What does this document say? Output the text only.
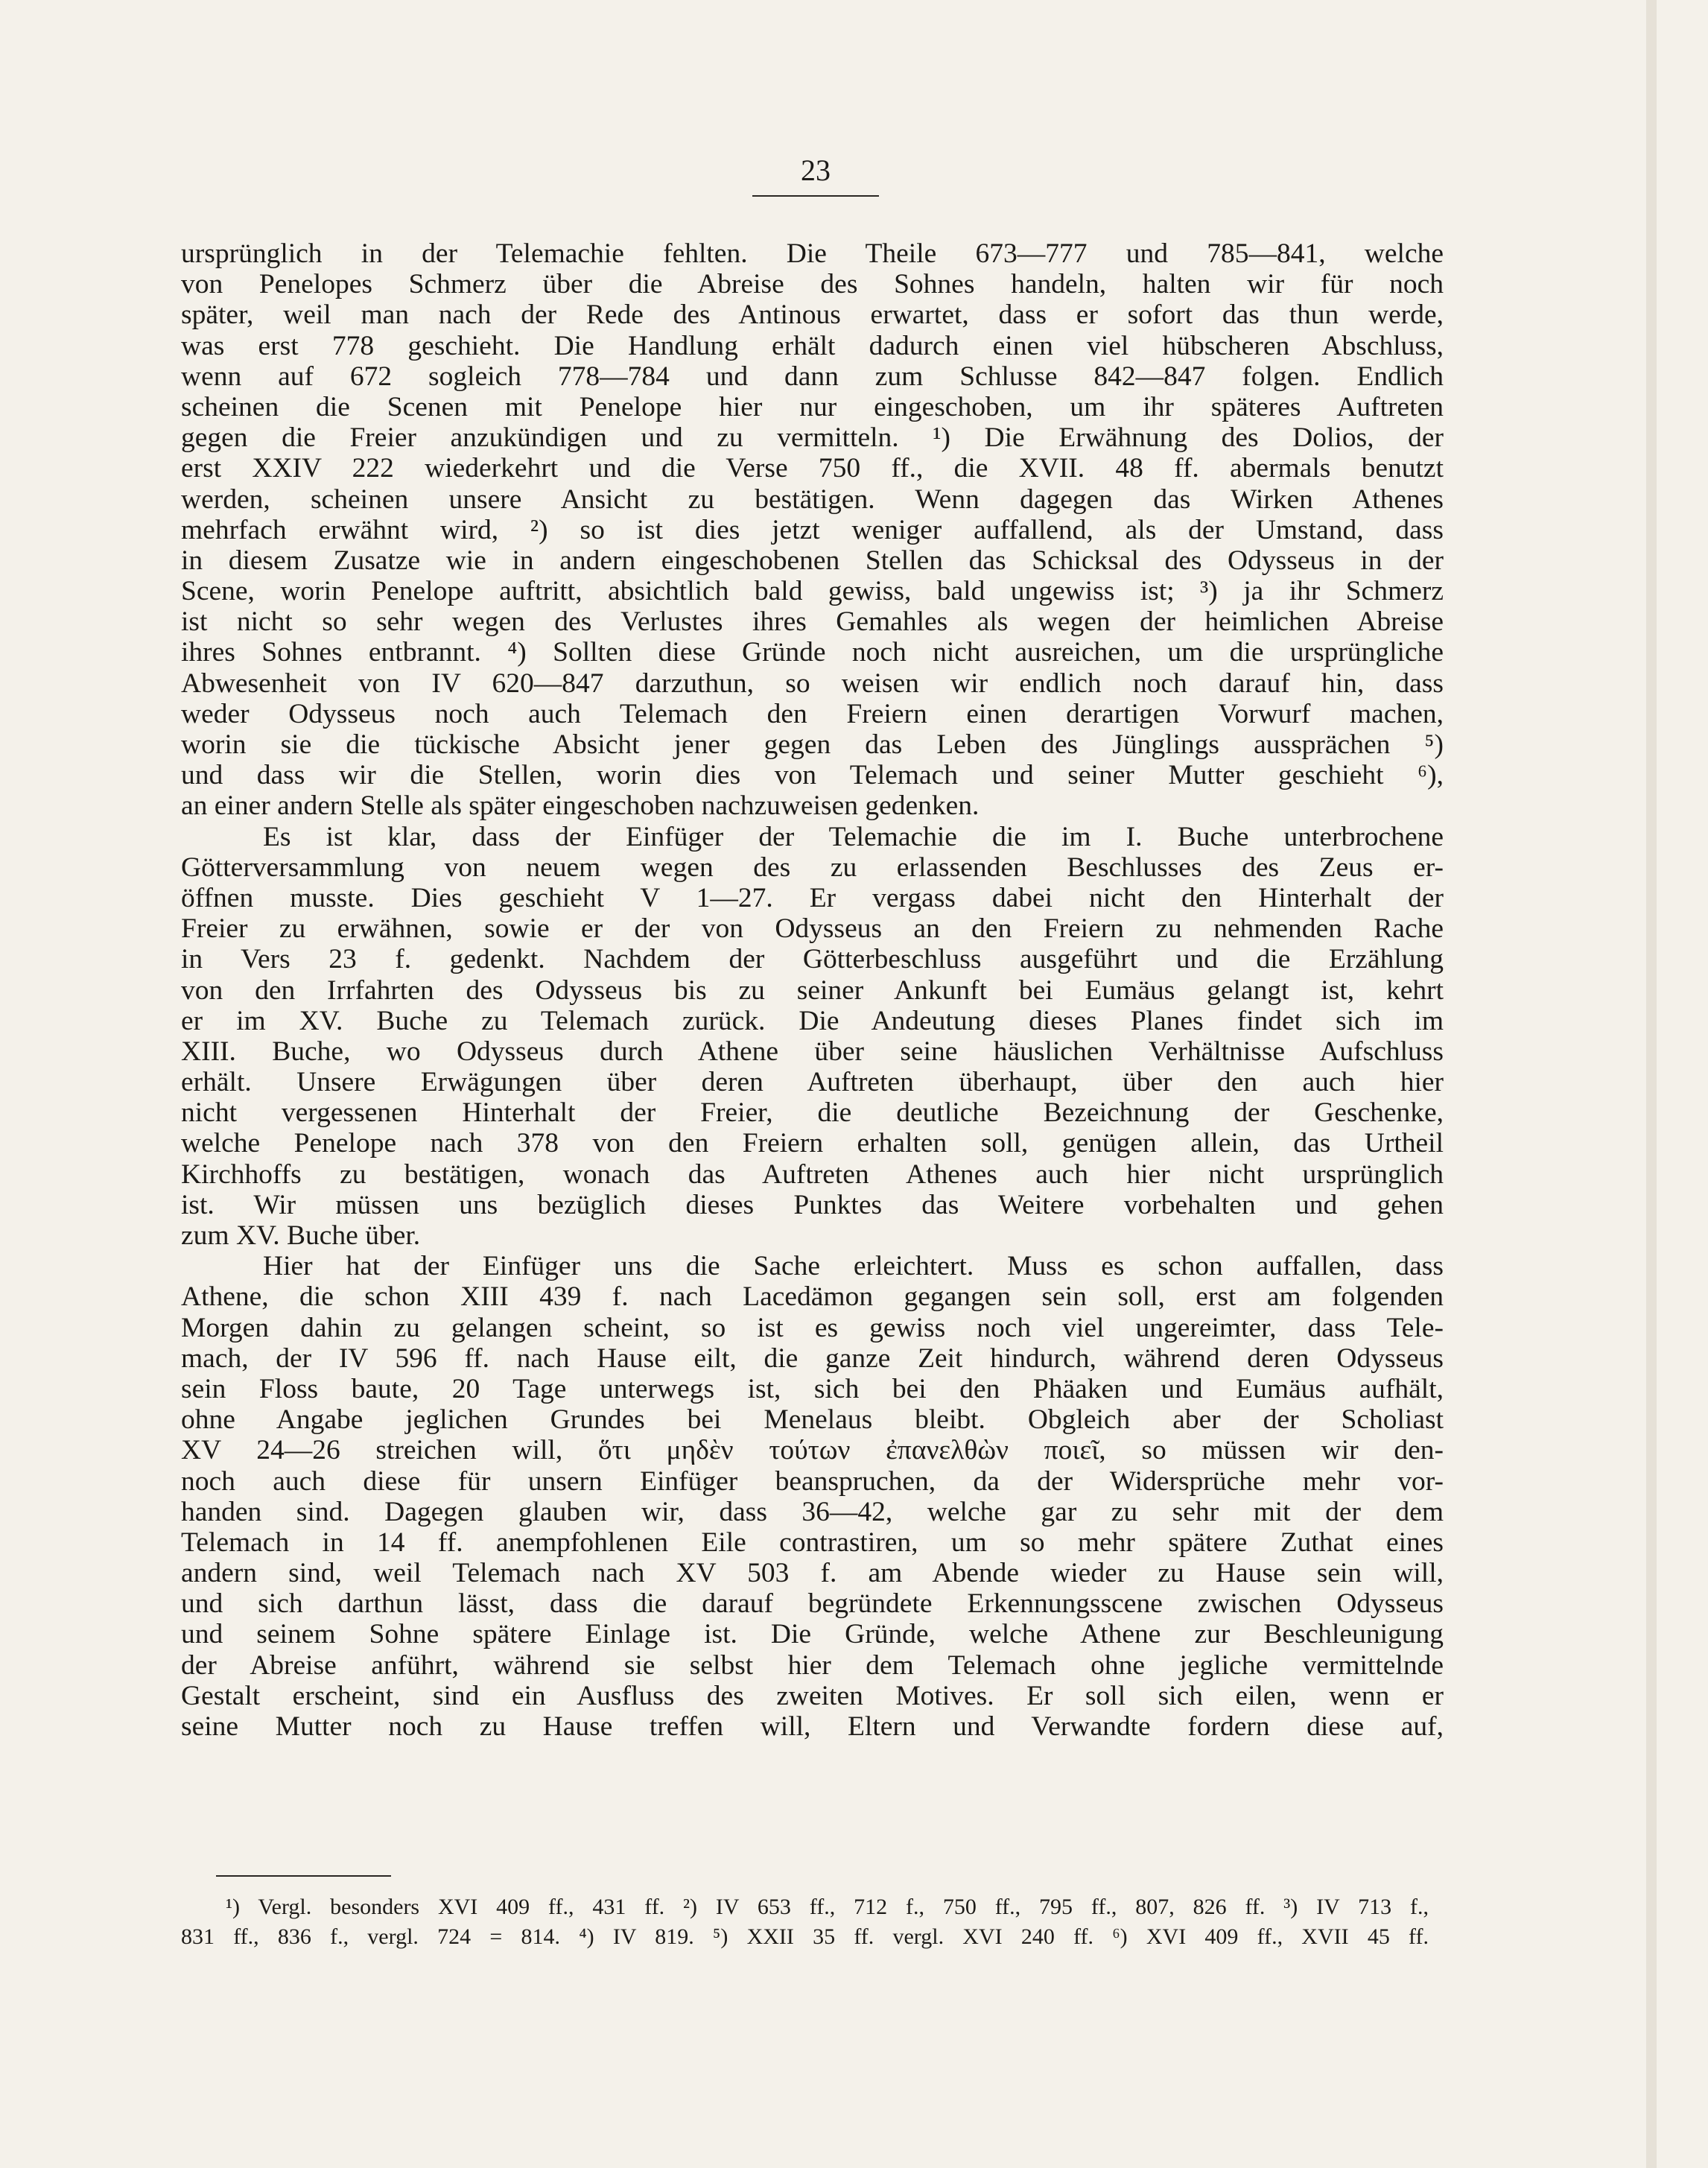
23
ursprünglich in der Telemachie fehlten. Die Theile 673—777 und 785—841, welche
von Penelopes Schmerz über die Abreise des Sohnes handeln, halten wir für noch
später, weil man nach der Rede des Antinous erwartet, dass er sofort das thun werde,
was erst 778 geschieht. Die Handlung erhält dadurch einen viel hübscheren Abschluss,
wenn auf 672 sogleich 778—784 und dann zum Schlusse 842—847 folgen. Endlich
scheinen die Scenen mit Penelope hier nur eingeschoben, um ihr späteres Auftreten
gegen die Freier anzukündigen und zu vermitteln. ¹) Die Erwähnung des Dolios, der
erst XXIV 222 wiederkehrt und die Verse 750 ff., die XVII. 48 ff. abermals benutzt
werden, scheinen unsere Ansicht zu bestätigen. Wenn dagegen das Wirken Athenes
mehrfach erwähnt wird, ²) so ist dies jetzt weniger auffallend, als der Umstand, dass
in diesem Zusatze wie in andern eingeschobenen Stellen das Schicksal des Odysseus in der
Scene, worin Penelope auftritt, absichtlich bald gewiss, bald ungewiss ist; ³) ja ihr Schmerz
ist nicht so sehr wegen des Verlustes ihres Gemahles als wegen der heimlichen Abreise
ihres Sohnes entbrannt. ⁴) Sollten diese Gründe noch nicht ausreichen, um die ursprüngliche
Abwesenheit von IV 620—847 darzuthun, so weisen wir endlich noch darauf hin, dass
weder Odysseus noch auch Telemach den Freiern einen derartigen Vorwurf machen,
worin sie die tückische Absicht jener gegen das Leben des Jünglings aussprächen ⁵)
und dass wir die Stellen, worin dies von Telemach und seiner Mutter geschieht ⁶),
an einer andern Stelle als später eingeschoben nachzuweisen gedenken.
Es ist klar, dass der Einfüger der Telemachie die im I. Buche unterbrochene
Götterversammlung von neuem wegen des zu erlassenden Beschlusses des Zeus er-
öffnen musste. Dies geschieht V 1—27. Er vergass dabei nicht den Hinterhalt der
Freier zu erwähnen, sowie er der von Odysseus an den Freiern zu nehmenden Rache
in Vers 23 f. gedenkt. Nachdem der Götterbeschluss ausgeführt und die Erzählung
von den Irrfahrten des Odysseus bis zu seiner Ankunft bei Eumäus gelangt ist, kehrt
er im XV. Buche zu Telemach zurück. Die Andeutung dieses Planes findet sich im
XIII. Buche, wo Odysseus durch Athene über seine häuslichen Verhältnisse Aufschluss
erhält. Unsere Erwägungen über deren Auftreten überhaupt, über den auch hier
nicht vergessenen Hinterhalt der Freier, die deutliche Bezeichnung der Geschenke,
welche Penelope nach 378 von den Freiern erhalten soll, genügen allein, das Urtheil
Kirchhoffs zu bestätigen, wonach das Auftreten Athenes auch hier nicht ursprünglich
ist. Wir müssen uns bezüglich dieses Punktes das Weitere vorbehalten und gehen
zum XV. Buche über.
Hier hat der Einfüger uns die Sache erleichtert. Muss es schon auffallen, dass
Athene, die schon XIII 439 f. nach Lacedämon gegangen sein soll, erst am folgenden
Morgen dahin zu gelangen scheint, so ist es gewiss noch viel ungereimter, dass Tele-
mach, der IV 596 ff. nach Hause eilt, die ganze Zeit hindurch, während deren Odysseus
sein Floss baute, 20 Tage unterwegs ist, sich bei den Phäaken und Eumäus aufhält,
ohne Angabe jeglichen Grundes bei Menelaus bleibt. Obgleich aber der Scholiast
XV 24—26 streichen will, ὅτι μηδὲν τούτων ἐπανελθὼν ποιεῖ, so müssen wir den-
noch auch diese für unsern Einfüger beanspruchen, da der Widersprüche mehr vor-
handen sind. Dagegen glauben wir, dass 36—42, welche gar zu sehr mit der dem
Telemach in 14 ff. anempfohlenen Eile contrastiren, um so mehr spätere Zuthat eines
andern sind, weil Telemach nach XV 503 f. am Abende wieder zu Hause sein will,
und sich darthun lässt, dass die darauf begründete Erkennungsscene zwischen Odysseus
und seinem Sohne spätere Einlage ist. Die Gründe, welche Athene zur Beschleunigung
der Abreise anführt, während sie selbst hier dem Telemach ohne jegliche vermittelnde
Gestalt erscheint, sind ein Ausfluss des zweiten Motives. Er soll sich eilen, wenn er
seine Mutter noch zu Hause treffen will, Eltern und Verwandte fordern diese auf,
¹) Vergl. besonders XVI 409 ff., 431 ff. ²) IV 653 ff., 712 f., 750 ff., 795 ff., 807, 826 ff. ³) IV 713 f.,
831 ff., 836 f., vergl. 724 = 814. ⁴) IV 819. ⁵) XXII 35 ff. vergl. XVI 240 ff. ⁶) XVI 409 ff., XVII 45 ff.
